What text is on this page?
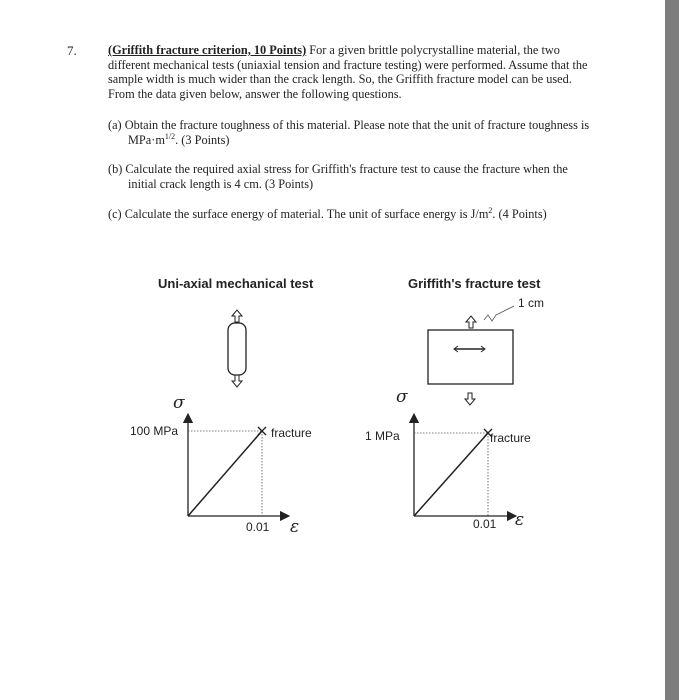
7.	(Griffith fracture criterion, 10 Points) For a given brittle polycrystalline material, the two different mechanical tests (uniaxial tension and fracture testing) were performed. Assume that the sample width is much wider than the crack length. So, the Griffith fracture model can be used. From the data given below, answer the following questions.
(a) Obtain the fracture toughness of this material. Please note that the unit of fracture toughness is $MPa\cdot m^{1/2}$. (3 Points)
(b) Calculate the required axial stress for Griffith's fracture test to cause the fracture when the initial crack length is 4 cm. (3 Points)
(c) Calculate the surface energy of material. The unit of surface energy is $J/m^2$. (4 Points)
Uni-axial mechanical test
σ
100 MPa	fracture
0.01 ε
Griffith's fracture test
1 cm
σ
1 MPa	fracture
0.01 ε
